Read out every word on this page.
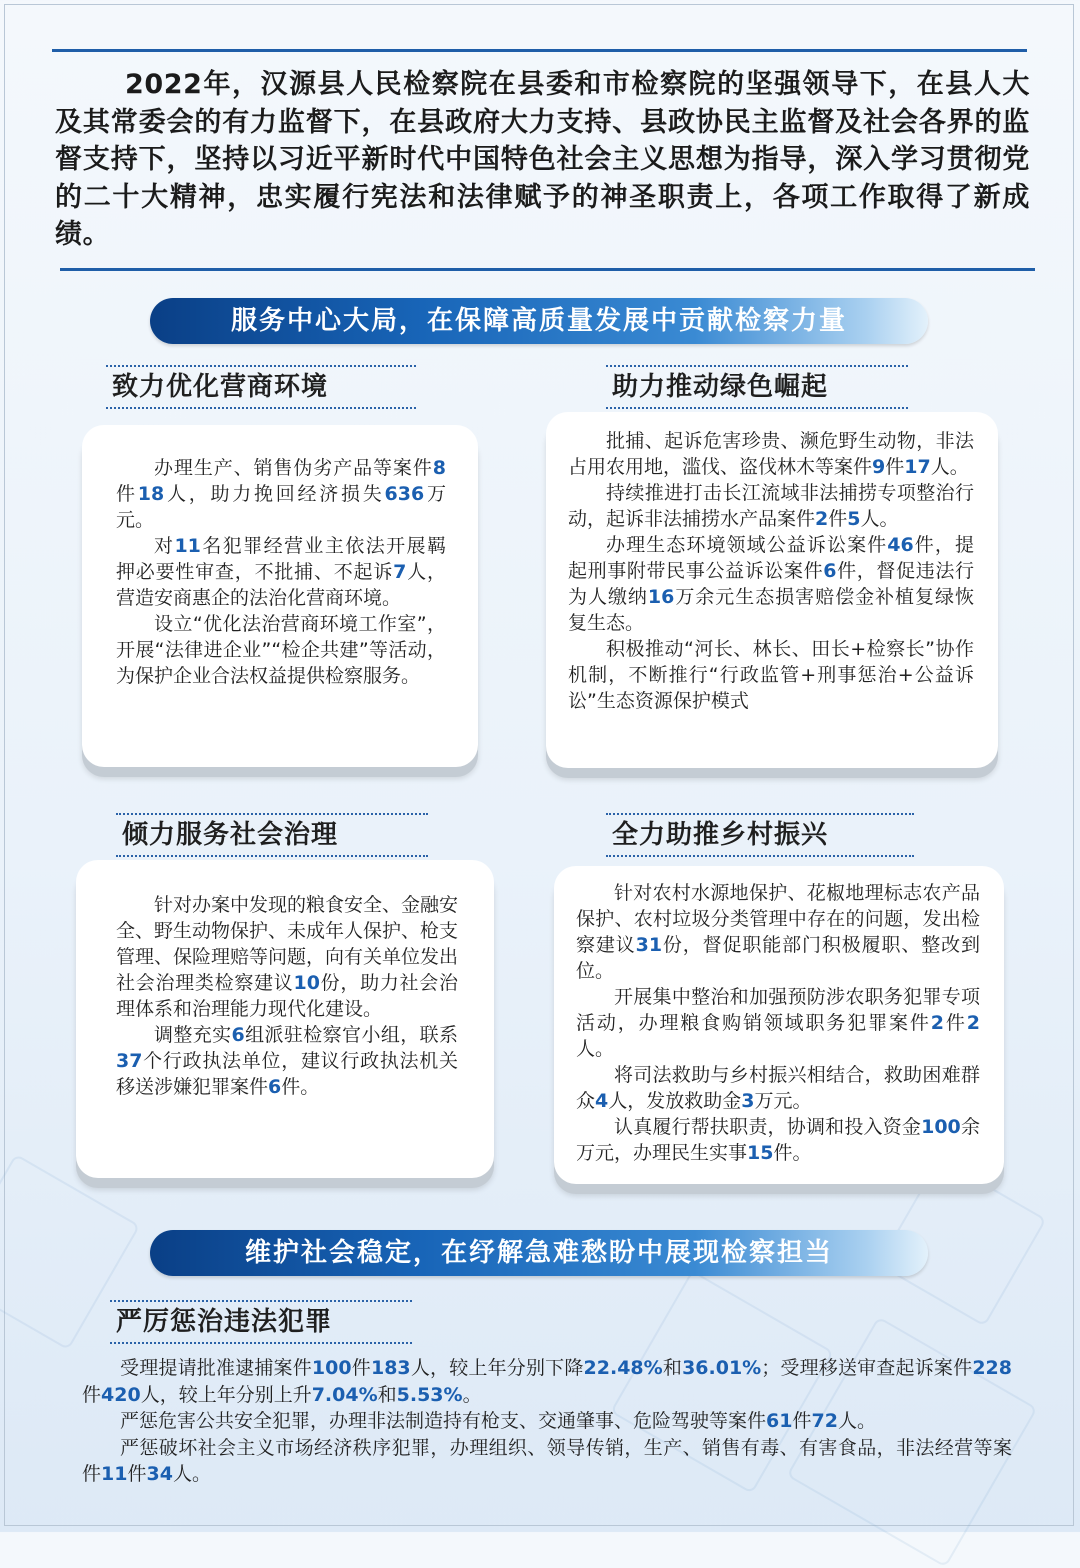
2022年，汉源县人民检察院在县委和市检察院的坚强领导下，在县人大及其常委会的有力监督下，在县政府大力支持、县政协民主监督及社会各界的监督支持下，坚持以习近平新时代中国特色社会主义思想为指导，深入学习贯彻党的二十大精神，忠实履行宪法和法律赋予的神圣职责上，各项工作取得了新成绩。

服务中心大局，在保障高质量发展中贡献检察力量
致力优化营商环境	助力推动绿色崛起

办理生产、销售伪劣产品等案件8件18人，助力挽回经济损失636万元。

对11名犯罪经营业主依法开展羁押必要性审查，不批捕、不起诉7人，营造安商惠企的法治化营商环境。

设立“优化法治营商环境工作室”，开展“法律进企业”“检企共建”等活动，为保护企业合法权益提供检察服务。

批捕、起诉危害珍贵、濒危野生动物，非法占用农用地，滥伐、盗伐林木等案件9件17人。

持续推进打击长江流域非法捕捞专项整治行动，起诉非法捕捞水产品案件2件5人。

办理生态环境领域公益诉讼案件46件，提起刑事附带民事公益诉讼案件6件，督促违法行为人缴纳16万余元生态损害赔偿金补植复绿恢复生态。

积极推动“河长、林长、田长+检察长”协作机制，不断推行“行政监管+刑事惩治+公益诉讼”生态资源保护模式

倾力服务社会治理	全力助推乡村振兴

针对办案中发现的粮食安全、金融安全、野生动物保护、未成年人保护、枪支管理、保险理赔等问题，向有关单位发出社会治理类检察建议10份，助力社会治理体系和治理能力现代化建设。

调整充实6组派驻检察官小组，联系37个行政执法单位，建议行政执法机关移送涉嫌犯罪案件6件。

针对农村水源地保护、花椒地理标志农产品保护、农村垃圾分类管理中存在的问题，发出检察建议31份，督促职能部门积极履职、整改到位。

开展集中整治和加强预防涉农职务犯罪专项活动，办理粮食购销领域职务犯罪案件2件2人。

将司法救助与乡村振兴相结合，救助困难群众4人，发放救助金3万元。

认真履行帮扶职责，协调和投入资金100余万元，办理民生实事15件。

维护社会稳定，在纾解急难愁盼中展现检察担当
严厉惩治违法犯罪

受理提请批准逮捕案件100件183人，较上年分别下降22.48%和36.01%；受理移送审查起诉案件228件420人，较上年分别上升7.04%和5.53%。

严惩危害公共安全犯罪，办理非法制造持有枪支、交通肇事、危险驾驶等案件61件72人。

严惩破坏社会主义市场经济秩序犯罪，办理组织、领导传销，生产、销售有毒、有害食品，非法经营等案件11件34人。
